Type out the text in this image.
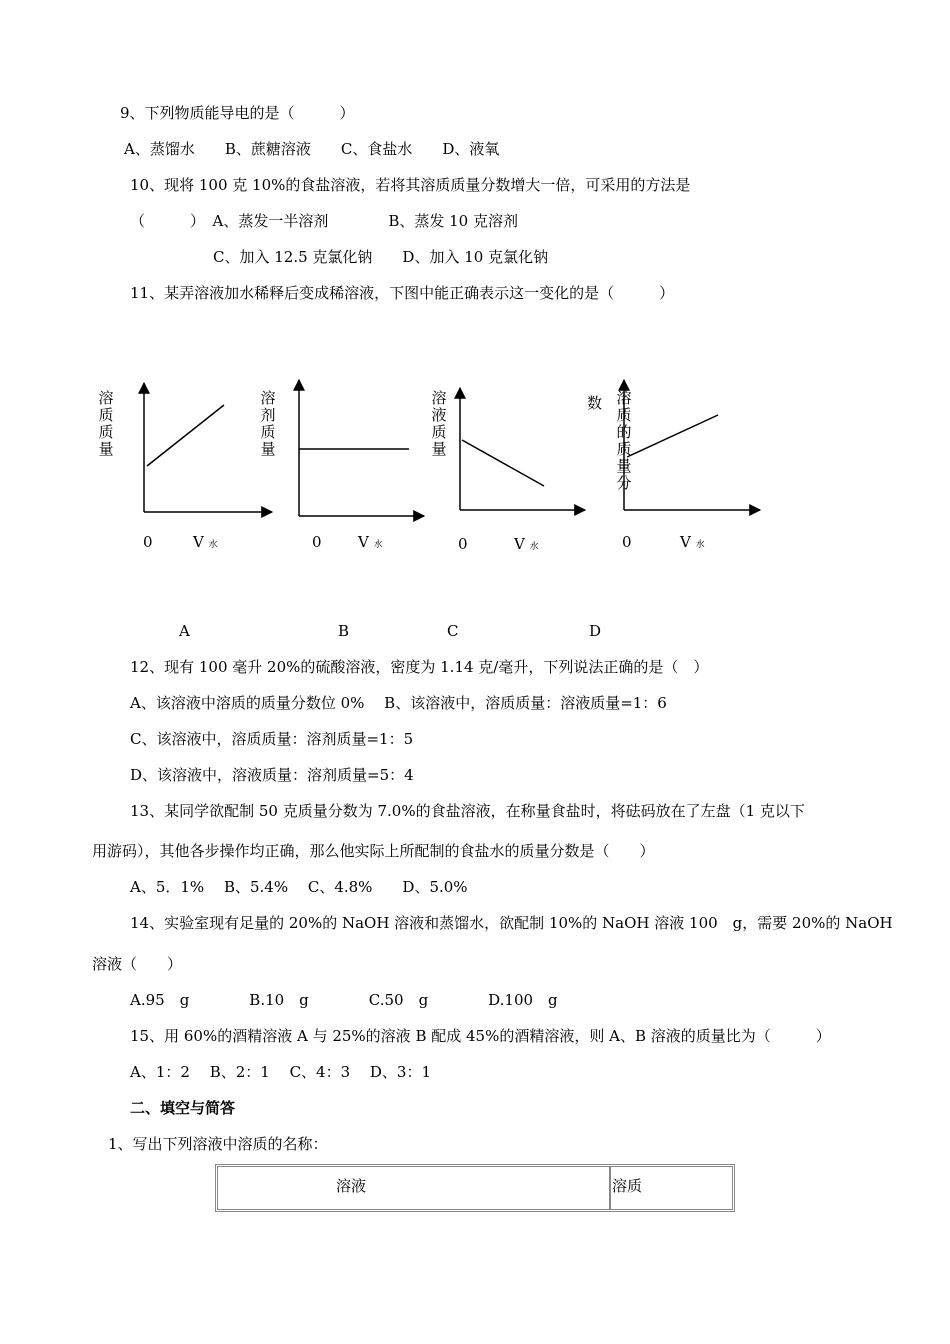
9、下列物质能导电的是（　　　）
A、蒸馏水　　B、蔗糖溶液　　C、食盐水　　D、液氧
10、现将 100 克 10%的食盐溶液，若将其溶质质量分数增大一倍，可采用的方法是
（　　　）　A、蒸发一半溶剂　　　　B、蒸发 10 克溶剂
C、加入 12.5 克氯化钠　　D、加入 10 克氯化钠
11、某弄溶液加水稀释后变成稀溶液，下图中能正确表示这一变化的是（　　　）
溶
质
质
量
0	V 水
A
溶
剂
质
量
0 V 水
B
溶
液
质
量
0	V 水
C
数 溶
质
的
质
量
分
0	V 水
D
12、现有 100 毫升 20%的硫酸溶液，密度为 1.14 克/毫升，下列说法正确的是（　）
A、该溶液中溶质的质量分数位 0%　 B、该溶液中，溶质质量：溶液质量=1：6
C、该溶液中，溶质质量：溶剂质量=1：5
D、该溶液中，溶液质量：溶剂质量=5：4
13、某同学欲配制 50 克质量分数为 7.0%的食盐溶液，在称量食盐时，将砝码放在了左盘（1 克以下
用游码），其他各步操作均正确，那么他实际上所配制的食盐水的质量分数是（　　）
A、5．1%　 B、5.4%　 C、4.8%　　D、5.0%
14、实验室现有足量的 20%的 NaOH 溶液和蒸馏水，欲配制 10%的 NaOH 溶液 100　g，需要 20%的 NaOH
溶液（　　）
A.95　g　　　　B.10　g　　　　C.50　g　　　　D.100　g
15、用 60%的酒精溶液 A 与 25%的溶液 B 配成 45%的酒精溶液，则 A、B 溶液的质量比为（　　　）
A、1：2　 B、2：1　 C、4：3　 D、3：1
二、填空与简答
1、写出下列溶液中溶质的名称：
溶液	溶质
